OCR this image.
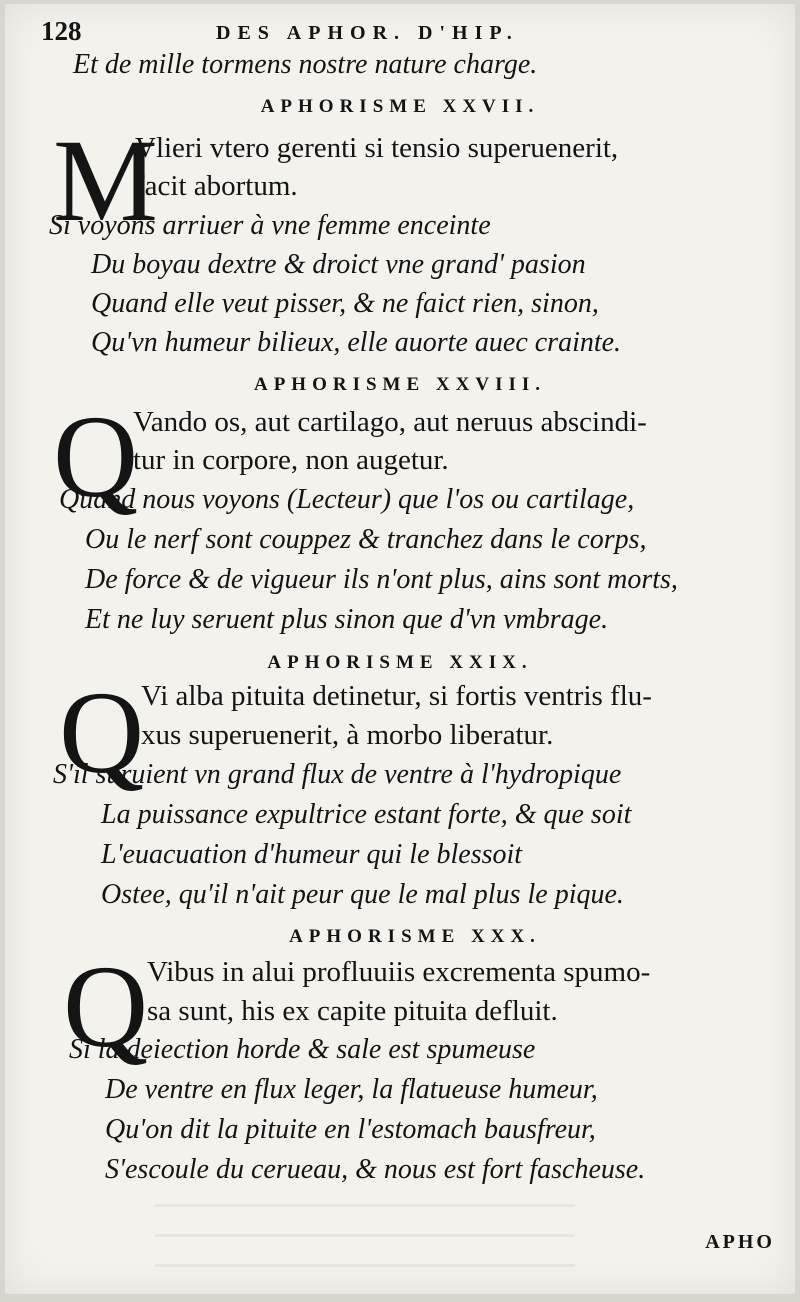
128	DES APHOR. D'HIP.
Et de mille tormens nostre nature charge.
APHORISME XXVII.
M
Vlieri vtero gerenti si tensio superuenerit,
facit abortum.
Si voyons arriuer à vne femme enceinte
Du boyau dextre & droict vne grand' pasion
Quand elle veut pisser, & ne faict rien, sinon,
Qu'vn humeur bilieux, elle auorte auec crainte.
APHORISME XXVIII.
Q
Vando os, aut cartilago, aut neruus abscindi-
tur in corpore, non augetur.
Quand nous voyons (Lecteur) que l'os ou cartilage,
Ou le nerf sont couppez & tranchez dans le corps,
De force & de vigueur ils n'ont plus, ains sont morts,
Et ne luy seruent plus sinon que d'vn vmbrage.
APHORISME XXIX.
Q
Vi alba pituita detinetur, si fortis ventris flu-
xus superuenerit, à morbo liberatur.
S'il suruient vn grand flux de ventre à l'hydropique
La puissance expultrice estant forte, & que soit
L'euacuation d'humeur qui le blessoit
Ostee, qu'il n'ait peur que le mal plus le pique.
APHORISME XXX.
Q
Vibus in alui profluuiis excrementa spumo-
sa sunt, his ex capite pituita defluit.
Si la deiection horde & sale est spumeuse
De ventre en flux leger, la flatueuse humeur,
Qu'on dit la pituite en l'estomach bausfreur,
S'escoule du cerueau, & nous est fort fascheuse.
APHO
